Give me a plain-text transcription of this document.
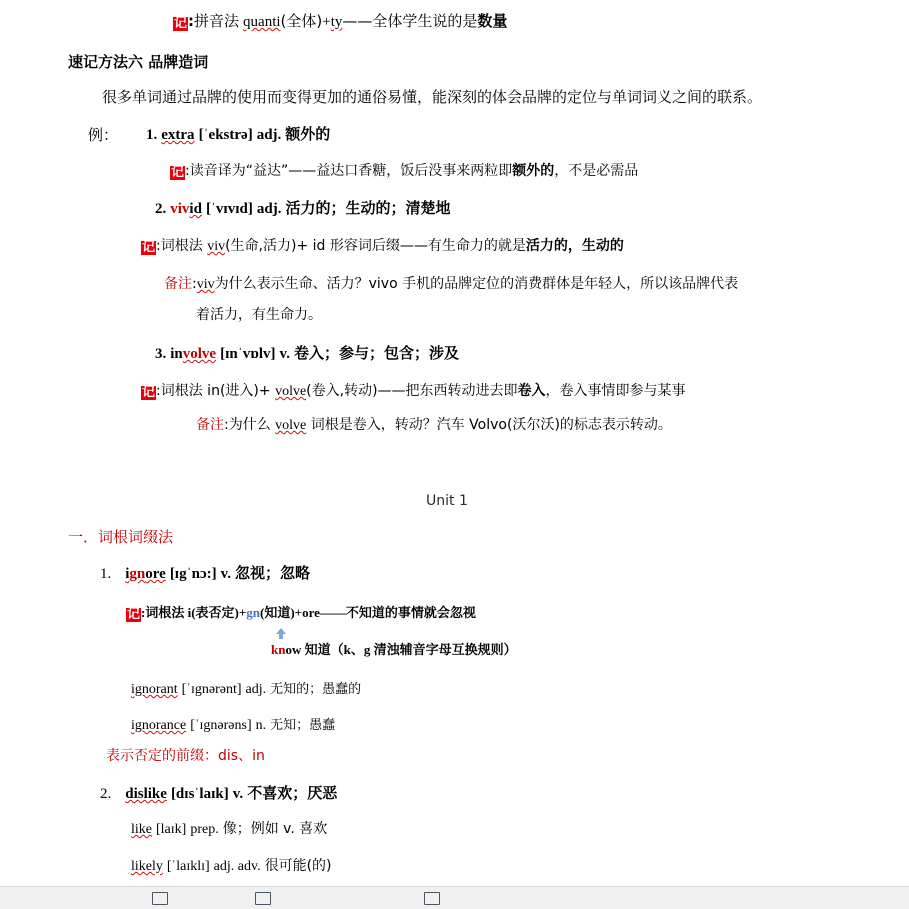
记:拼音法 quanti(全体)+ty——全体学生说的是数量
速记方法六 品牌造词
很多单词通过品牌的使用而变得更加的通俗易懂，能深刻的体会品牌的定位与单词词义之间的联系。
例： 1. extra [ˈekstrə] adj. 额外的
记:读音译为“益达”——益达口香糖，饭后没事来两粒即额外的，不是必需品
2. vivid [ˈvɪvɪd] adj. 活力的；生动的；清楚地
记:词根法 viv(生命,活力)+ id 形容词后缀——有生命力的就是活力的，生动的
备注:viv为什么表示生命、活力？vivo 手机的品牌定位的消费群体是年轻人，所以该品牌代表
着活力，有生命力。
3. involve [ɪnˈvɒlv] v. 卷入；参与；包含；涉及
记:词根法 in(进入)+ volve(卷入,转动)——把东西转动进去即卷入，卷入事情即参与某事
备注:为什么 volve 词根是卷入，转动？汽车 Volvo(沃尔沃)的标志表示转动。
Unit 1
一．词根词缀法
1. ignore [ɪgˈnɔ:] v. 忽视；忽略
记:词根法 i(表否定)+gn(知道)+ore——不知道的事情就会忽视
know 知道（k、g 清浊辅音字母互换规则）
ignorant [ˈɪgnərənt] adj. 无知的；愚蠢的
ignorance [ˈɪgnərəns] n. 无知；愚蠢
表示否定的前缀：dis、in
2. dislike [dɪsˈlaɪk] v. 不喜欢；厌恶
like [laɪk] prep. 像；例如 v. 喜欢
likely [ˈlaɪklɪ] adj. adv. 很可能(的)
